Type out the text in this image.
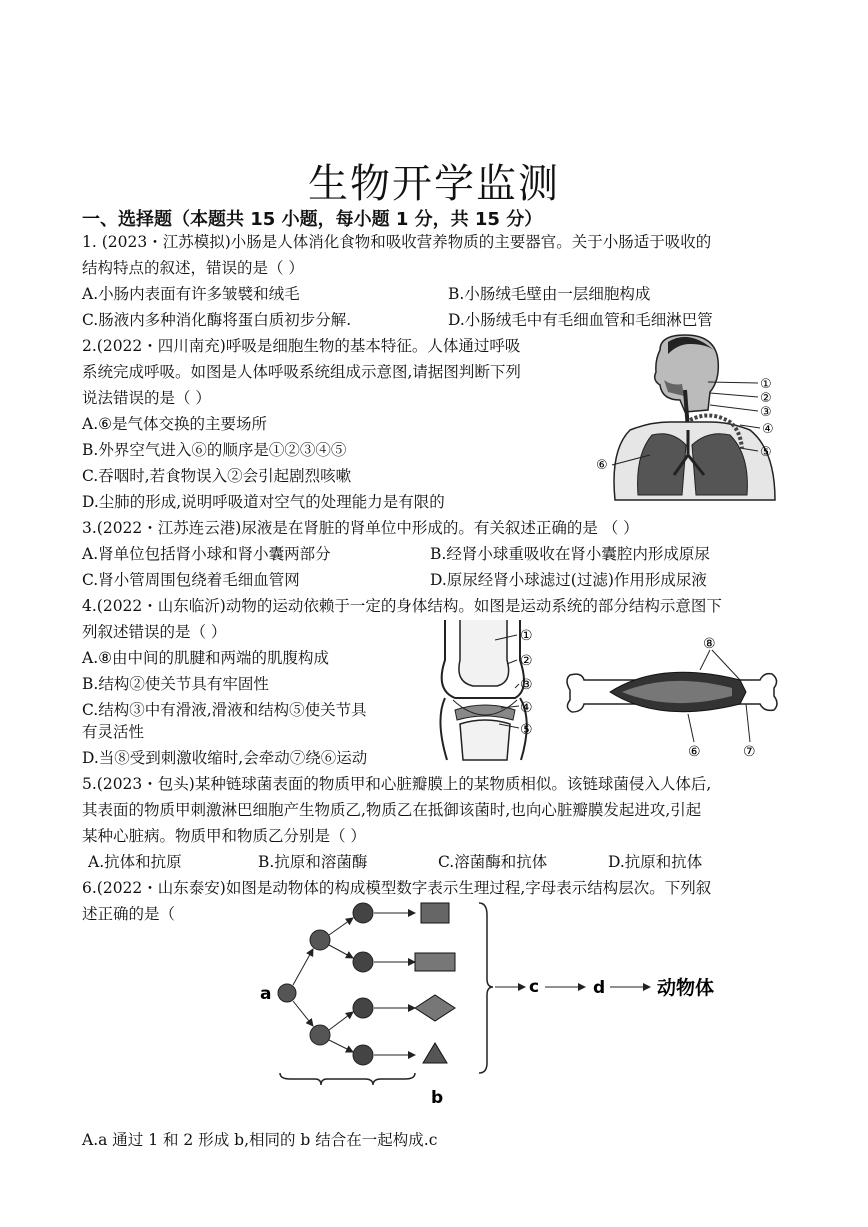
生物开学监测
一、选择题（本题共 15 小题，每小题 1 分，共 15 分）
1. (2023・江苏模拟)小肠是人体消化食物和吸收营养物质的主要器官。关于小肠适于吸收的
结构特点的叙述，错误的是（ ）
A.小肠内表面有许多皱襞和绒毛	B.小肠绒毛壁由一层细胞构成
C.肠液内多种消化酶将蛋白质初步分解.	D.小肠绒毛中有毛细血管和毛细淋巴管
2.(2022・四川南充)呼吸是细胞生物的基本特征。人体通过呼吸
系统完成呼吸。如图是人体呼吸系统组成示意图,请据图判断下列
说法错误的是（ ）
A.⑥是气体交换的主要场所
B.外界空气进入⑥的顺序是①②③④⑤
C.吞咽时,若食物误入②会引起剧烈咳嗽
D.尘肺的形成,说明呼吸道对空气的处理能力是有限的
①
②
③
④
⑤
⑥
3.(2022・江苏连云港)尿液是在肾脏的肾单位中形成的。有关叙述正确的是 （ ）
A.肾单位包括肾小球和肾小囊两部分	B.经肾小球重吸收在肾小囊腔内形成原尿
C.肾小管周围包绕着毛细血管网	D.原尿经肾小球滤过(过滤)作用形成尿液
4.(2022・山东临沂)动物的运动依赖于一定的身体结构。如图是运动系统的部分结构示意图下
列叙述错误的是（ ）
A.⑧由中间的肌腱和两端的肌腹构成
B.结构②使关节具有牢固性
C.结构③中有滑液,滑液和结构⑤使关节具
有灵活性
D.当⑧受到刺激收缩时,会牵动⑦绕⑥运动
①
②
③
④
⑤
⑧
⑥	⑦
5.(2023・包头)某种链球菌表面的物质甲和心脏瓣膜上的某物质相似。该链球菌侵入人体后,
其表面的物质甲刺激淋巴细胞产生物质乙,物质乙在抵御该菌时,也向心脏瓣膜发起进攻,引起
某种心脏病。物质甲和物质乙分别是（ ）
A.抗体和抗原	B.抗原和溶菌酶	C.溶菌酶和抗体	D.抗原和抗体
6.(2022・山东泰安)如图是动物体的构成模型数字表示生理过程,字母表示结构层次。下列叙
述正确的是（
a
b
c	d	动物体
A.a 通过 1 和 2 形成 b,相同的 b 结合在一起构成.c
